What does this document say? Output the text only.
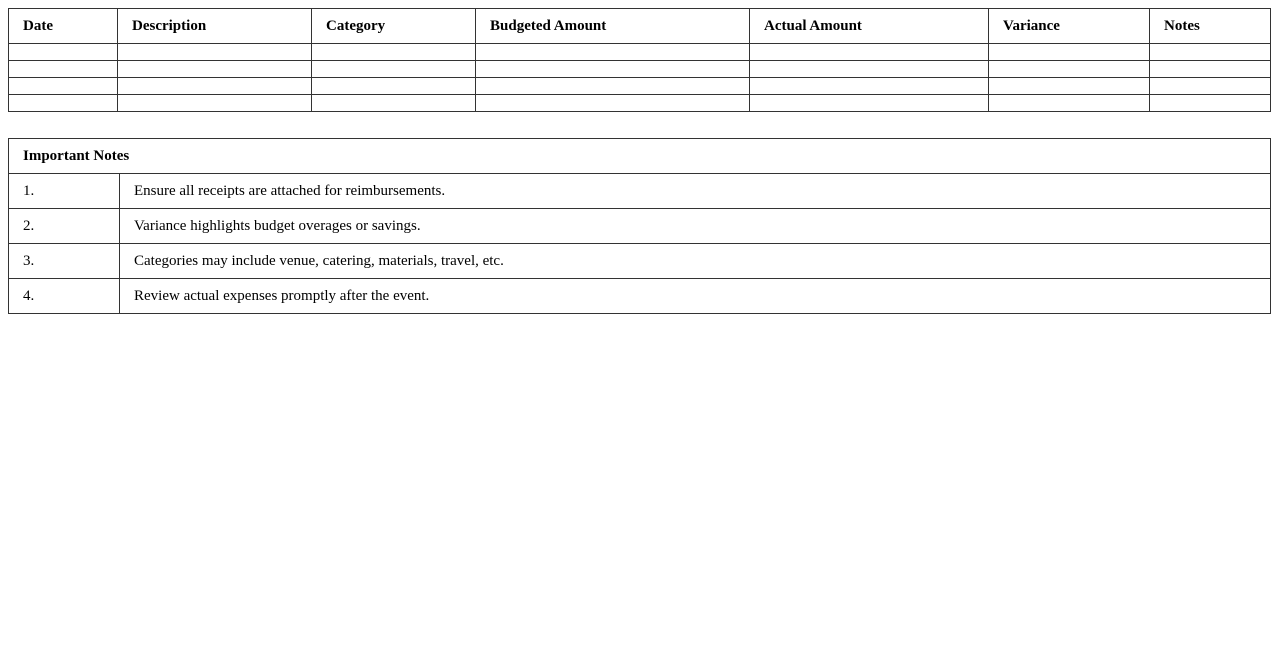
Date	Description	Category	Budgeted Amount	Actual Amount	Variance	Notes

Important Notes	
1.	Ensure all receipts are attached for reimbursements.
2.	Variance highlights budget overages or savings.
3.	Categories may include venue, catering, materials, travel, etc.
4.	Review actual expenses promptly after the event.
